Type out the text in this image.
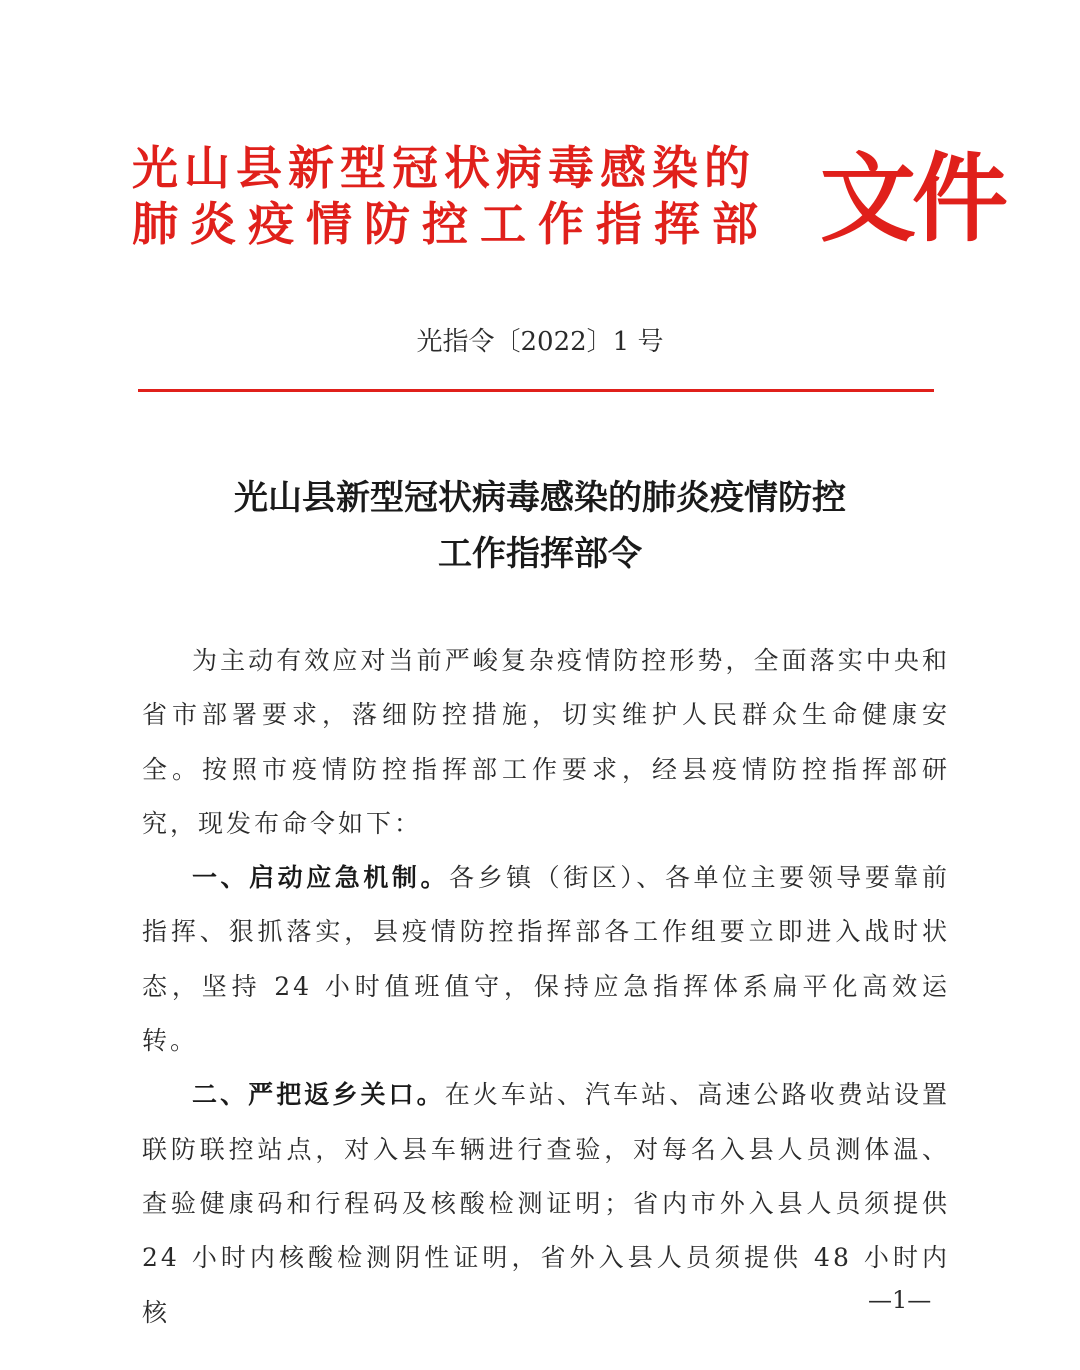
光山县新型冠状病毒感染的
肺炎疫情防控工作指挥部 文件
光指令〔2022〕1 号
光山县新型冠状病毒感染的肺炎疫情防控
工作指挥部令

为主动有效应对当前严峻复杂疫情防控形势，全面落实中央和省市部署要求，落细防控措施，切实维护人民群众生命健康安全。按照市疫情防控指挥部工作要求，经县疫情防控指挥部研究，现发布命令如下：

一、启动应急机制。各乡镇（街区）、各单位主要领导要靠前指挥、狠抓落实，县疫情防控指挥部各工作组要立即进入战时状态，坚持 24 小时值班值守，保持应急指挥体系扁平化高效运转。

二、严把返乡关口。在火车站、汽车站、高速公路收费站设置联防联控站点，对入县车辆进行查验，对每名入县人员测体温、查验健康码和行程码及核酸检测证明；省内市外入县人员须提供 24 小时内核酸检测阴性证明，省外入县人员须提供 48 小时内核	—1—
